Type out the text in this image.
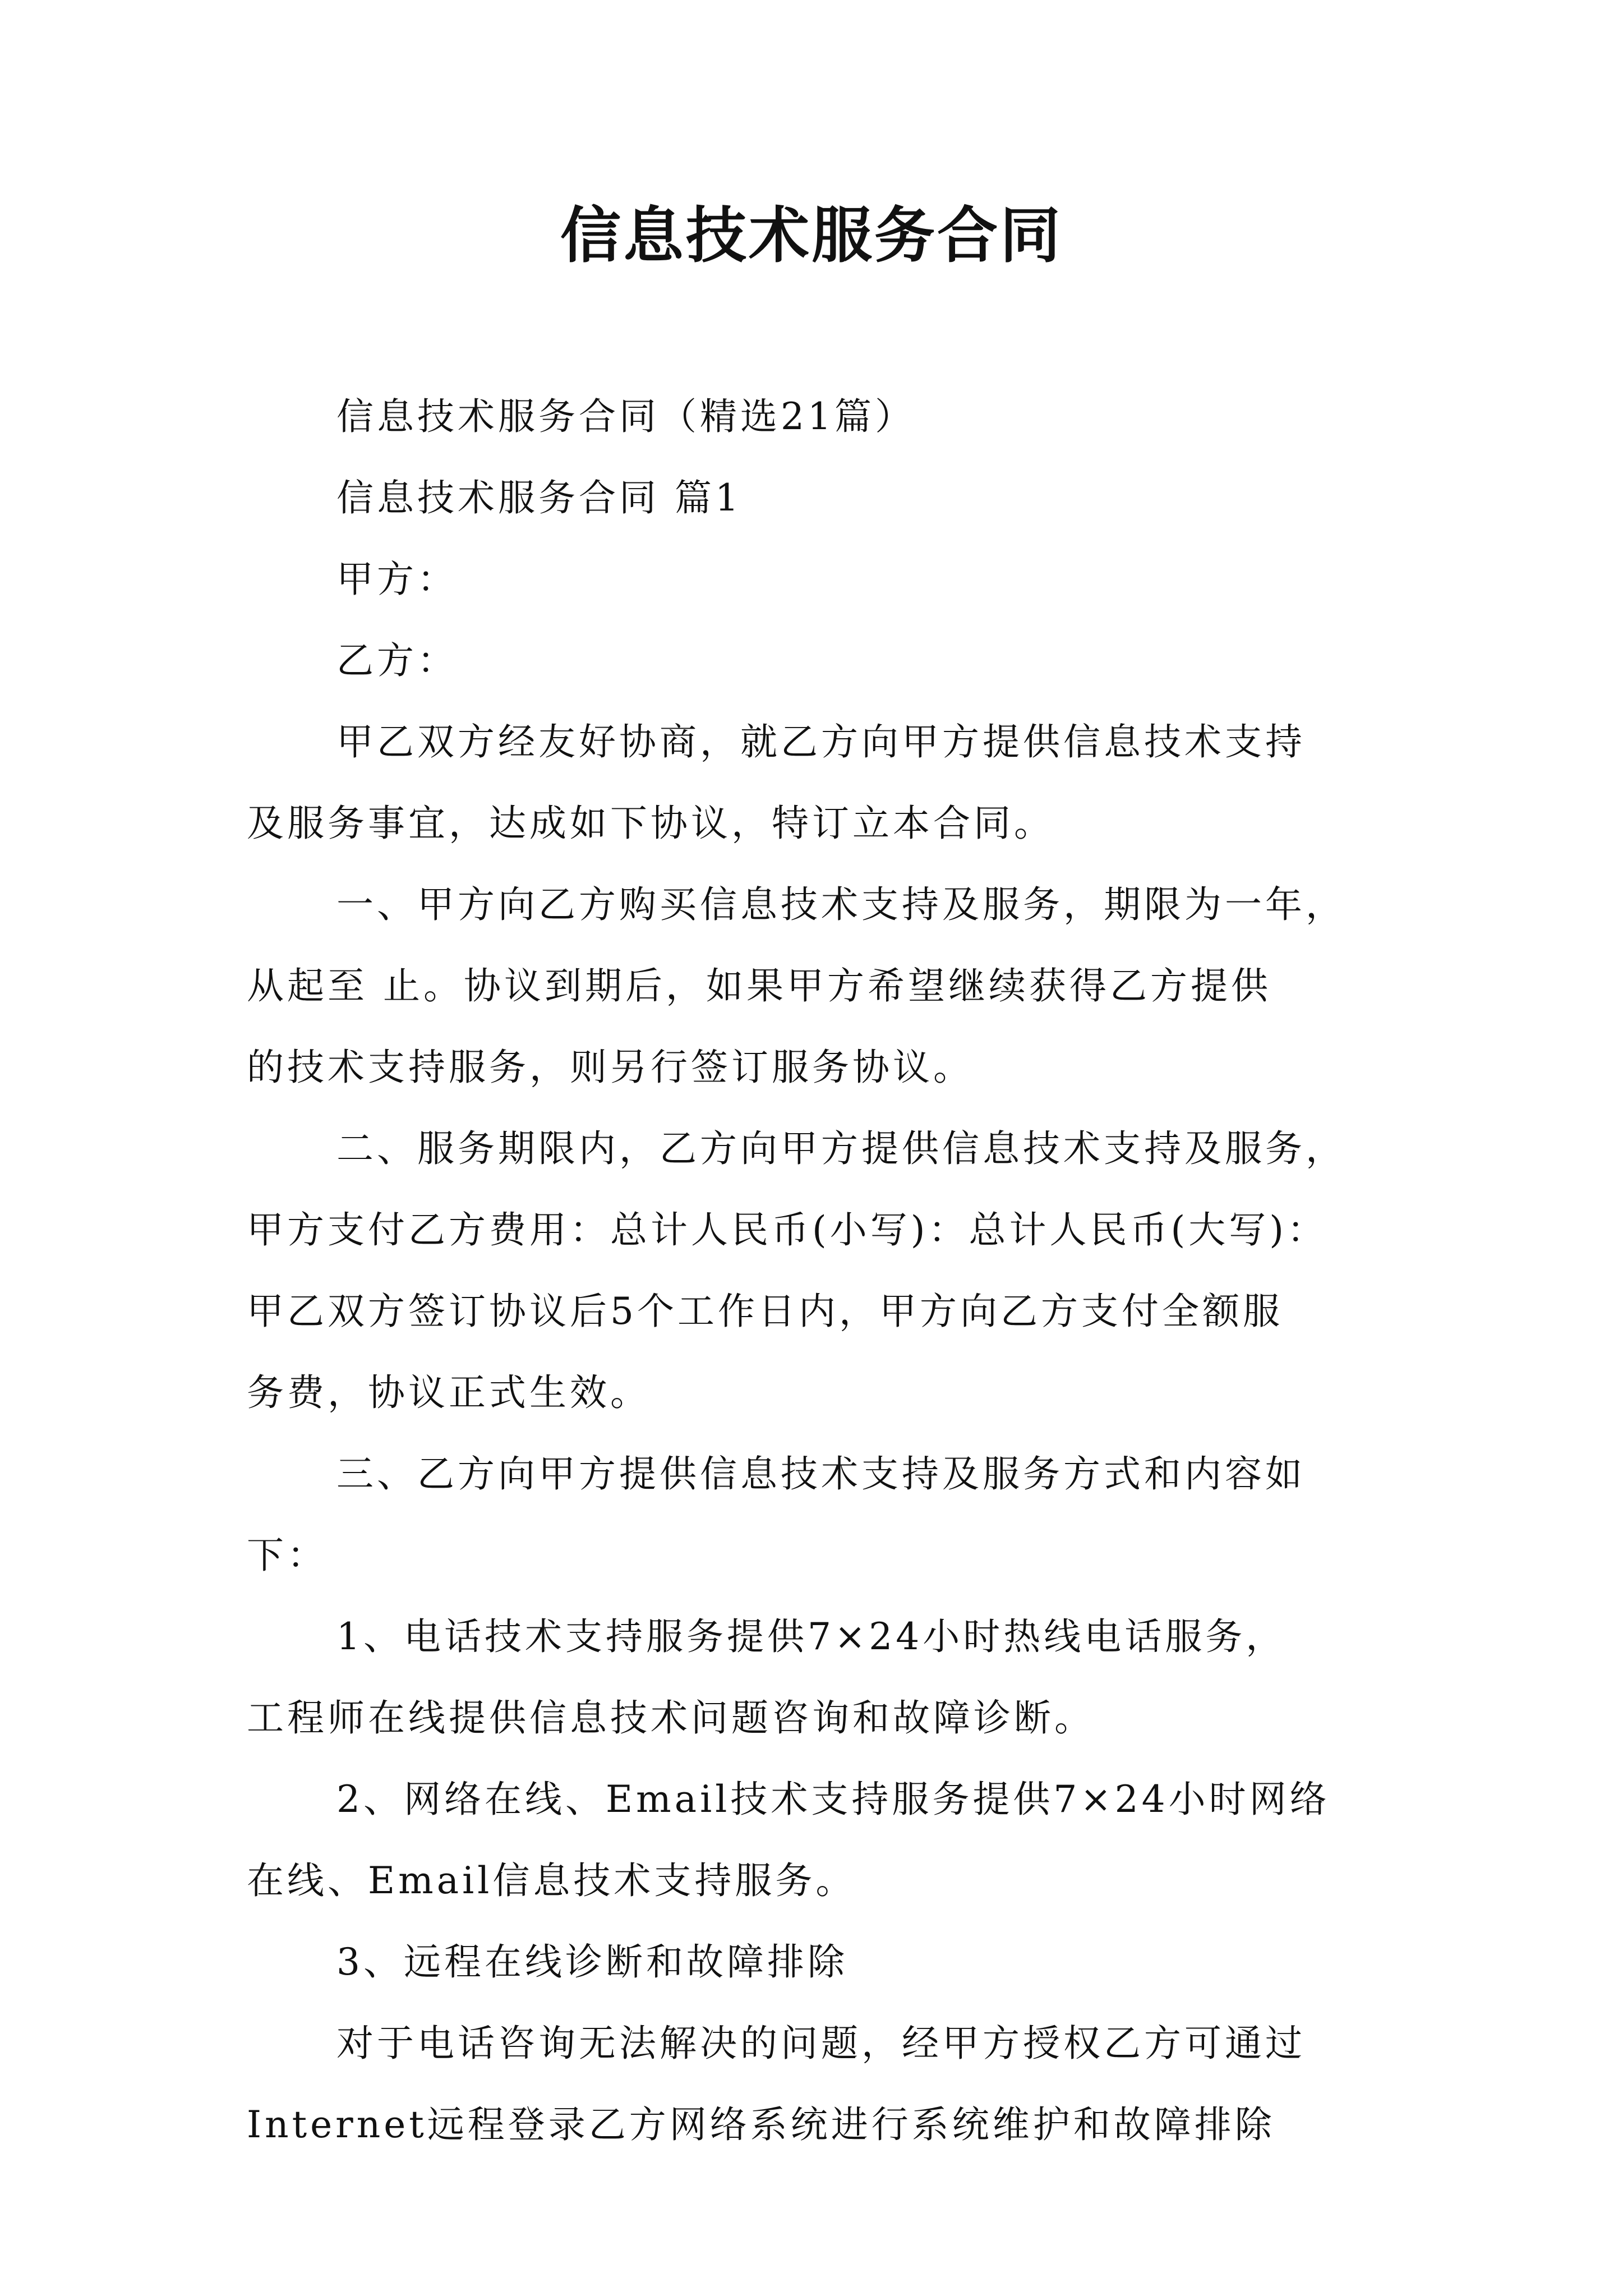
信息技术服务合同
信息技术服务合同（精选21篇）
信息技术服务合同 篇1
甲方：
乙方：
甲乙双方经友好协商，就乙方向甲方提供信息技术支持
及服务事宜，达成如下协议，特订立本合同。
一、甲方向乙方购买信息技术支持及服务，期限为一年，
从起至 止。协议到期后，如果甲方希望继续获得乙方提供
的技术支持服务，则另行签订服务协议。
二、服务期限内，乙方向甲方提供信息技术支持及服务，
甲方支付乙方费用：总计人民币(小写)：总计人民币(大写)：
甲乙双方签订协议后5个工作日内，甲方向乙方支付全额服
务费，协议正式生效。
三、乙方向甲方提供信息技术支持及服务方式和内容如
下：
1、电话技术支持服务提供7×24小时热线电话服务，
工程师在线提供信息技术问题咨询和故障诊断。
2、网络在线、Email技术支持服务提供7×24小时网络
在线、Email信息技术支持服务。
3、远程在线诊断和故障排除
对于电话咨询无法解决的问题，经甲方授权乙方可通过
Internet远程登录乙方网络系统进行系统维护和故障排除
